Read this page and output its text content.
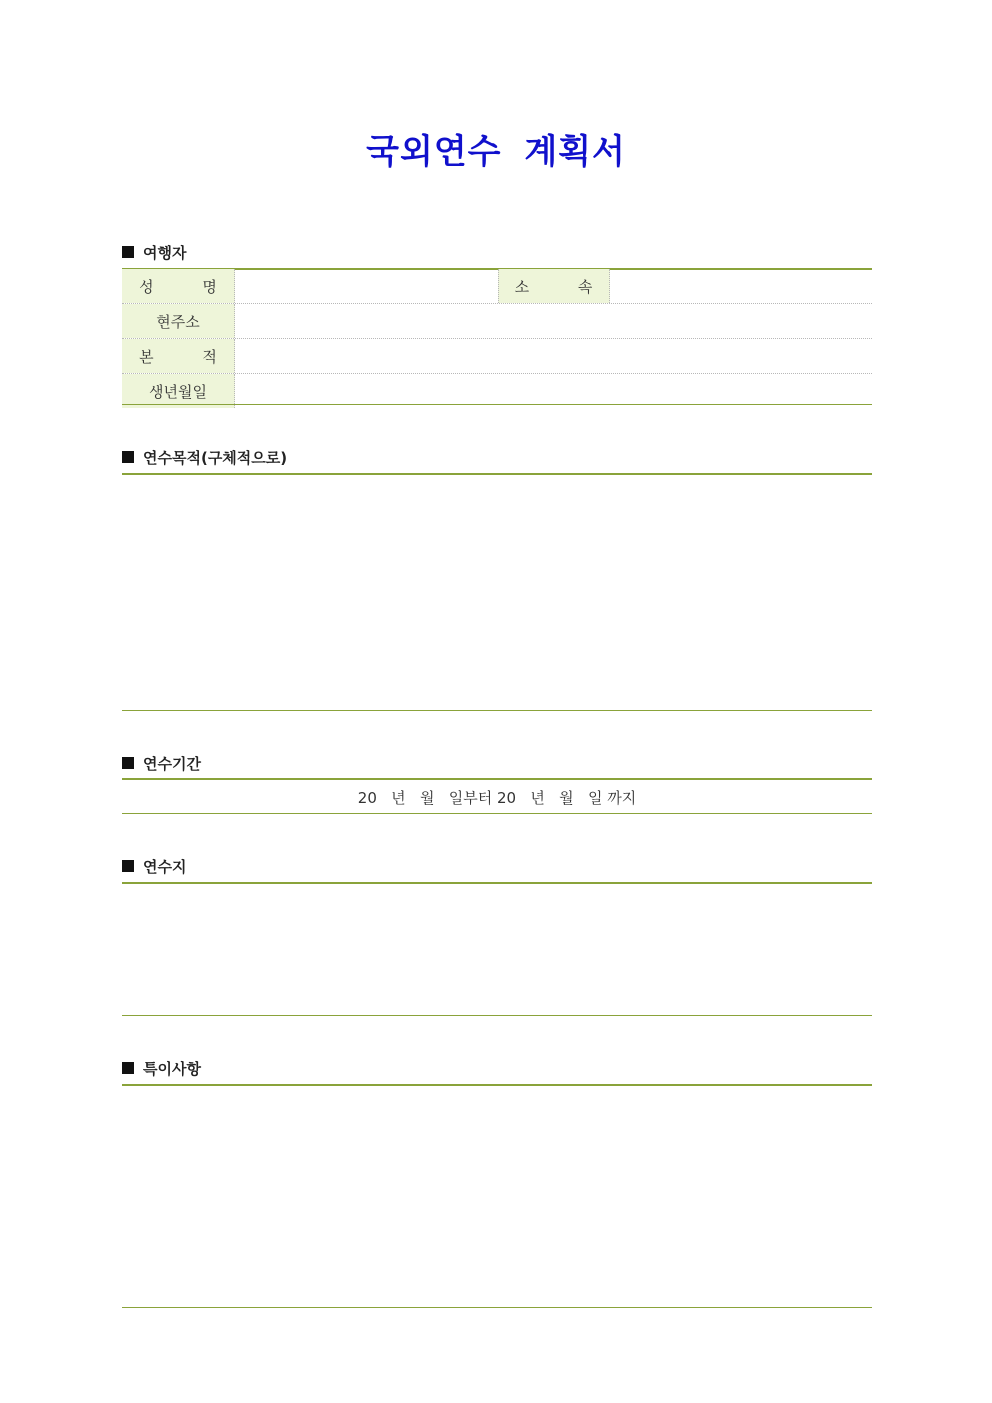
국외연수 계획서
여행자
성 명	소 속
현주소
본 적
생년월일
연수목적(구체적으로)
연수기간
20   년   월   일부터 20   년   월   일 까지
연수지
특이사항
